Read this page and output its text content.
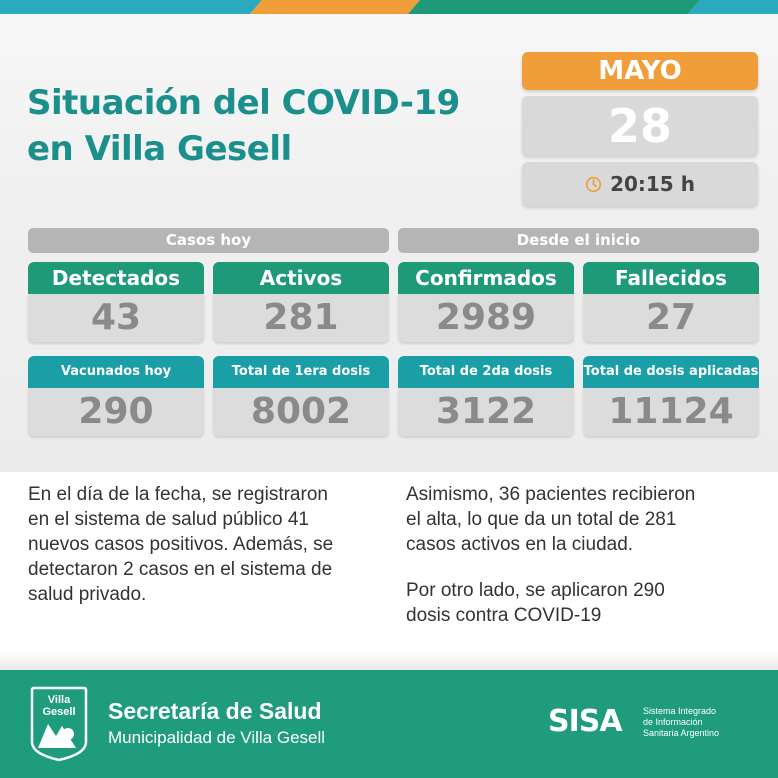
Situación del COVID-19
en Villa Gesell
MAYO
28
20:15 h
Casos hoy	Desde el inicio
Detectados
43
Activos
281
Confirmados
2989
Fallecidos
27
Vacunados hoy
290
Total de 1era dosis
8002
Total de 2da dosis
3122
Total de dosis aplicadas
11124
En el día de la fecha, se registraron
en el sistema de salud público 41
nuevos casos positivos. Además, se
detectaron 2 casos en el sistema de
salud privado.
Asimismo, 36 pacientes recibieron
el alta, lo que da un total de 281
casos activos en la ciudad.
Por otro lado, se aplicaron 290
dosis contra COVID-19
Villa
Gesell Secretaría de Salud
Municipalidad de Villa Gesell	SISA Sistema Integrado
de Información
Sanitaria Argentino
